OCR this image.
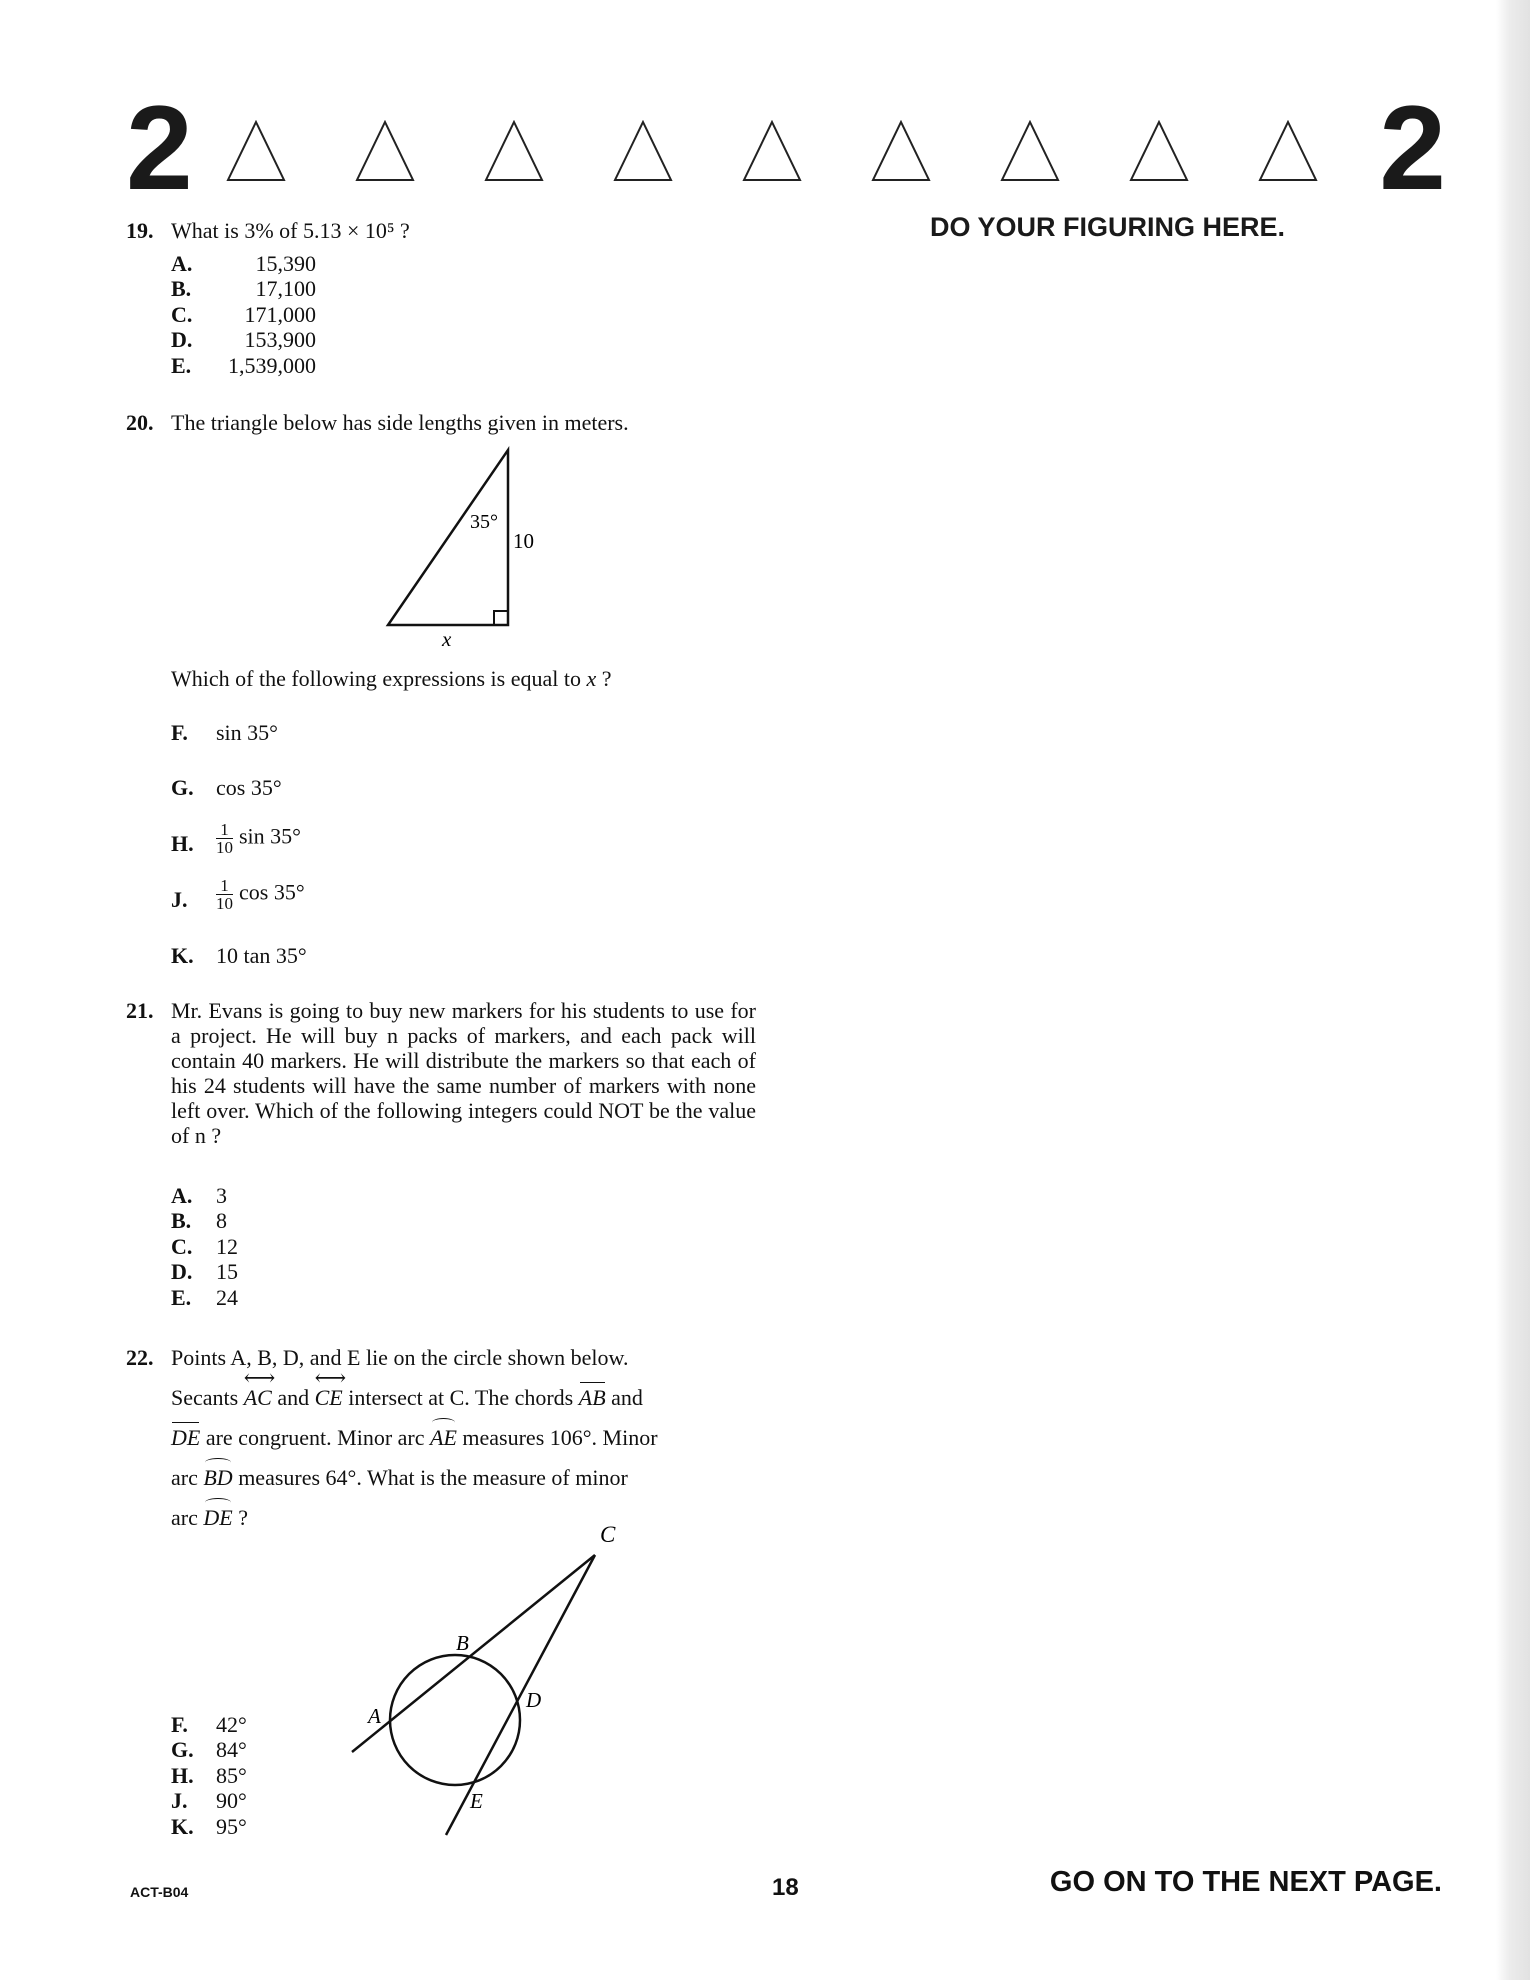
2	2
DO YOUR FIGURING HERE.
19. What is 3% of 5.13 × 10⁵ ?
A.	15,390
B.	17,100
C.	171,000
D.	153,900
E.	1,539,000
20. The triangle below has side lengths given in meters.
35°
10
x
Which of the following expressions is equal to x ?
F. sin 35°
G. cos 35°
H. $\frac{1}{10}$ sin 35°
J. $\frac{1}{10}$ cos 35°
K. 10 tan 35°
21. Mr. Evans is going to buy new markers for his students to use for a project. He will buy n packs of markers, and each pack will contain 40 markers. He will distribute the markers so that each of his 24 students will have the same number of markers with none left over. Which of the following integers could NOT be the value of n ?
A. 3
B. 8
C. 12
D. 15
E. 24
22. Points A, B, D, and E lie on the circle shown below.
Secants ⟷ AC and ⟷ CE intersect at C. The chords AB and
DE are congruent. Minor arc AE measures 106°. Minor
arc BD measures 64°. What is the measure of minor
arc DE ?
C
B
A
D
E
F. 42°
G. 84°
H. 85°
J. 90°
K. 95°
ACT-B04	18	GO ON TO THE NEXT PAGE.
